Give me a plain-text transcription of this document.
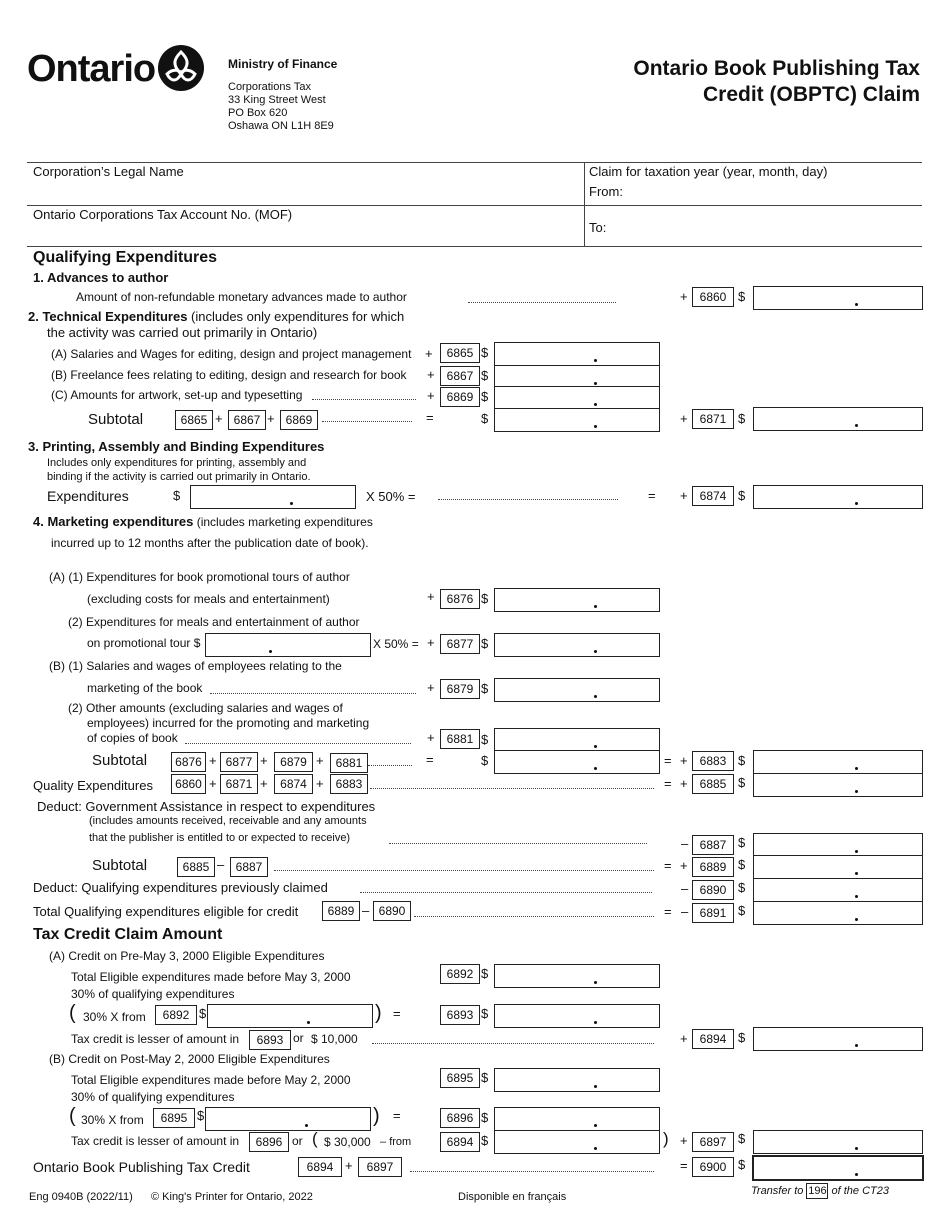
Ontario	Ministry of Finance
Corporations Tax
33 King Street West
PO Box 620
Oshawa ON L1H 8E9
Ontario Book Publishing Tax
Credit (OBPTC) Claim
Corporation’s Legal Name
Ontario Corporations Tax Account No. (MOF)
Claim for taxation year (year, month, day)
From:
To:
Qualifying Expenditures
1. Advances to author
Amount of non-refundable monetary advances made to author	+	6860 $
2. Technical Expenditures (includes only expenditures for which
the activity was carried out primarily in Ontario)
(A) Salaries and Wages for editing, design and project management +	6865 $
(B) Freelance fees relating to editing, design and research for book +	6867 $
(C) Amounts for artwork, set-up and typesetting	+	6869 $
Subtotal	6865 + 6867 + 6869	=	$	+	6871 $
3. Printing, Assembly and Binding Expenditures
Includes only expenditures for printing, assembly and
binding if the activity is carried out primarily in Ontario.
Expenditures	$	X 50% =	= +	6874 $
4. Marketing expenditures (includes marketing expenditures
incurred up to 12 months after the publication date of book).
(A) (1) Expenditures for book promotional tours of author
(excluding costs for meals and entertainment)	+	6876 $
(2) Expenditures for meals and entertainment of author
on promotional tour $	X 50% = +	6877 $
(B) (1) Salaries and wages of employees relating to the
marketing of the book	+	6879 $
(2) Other amounts (excluding salaries and wages of
employees) incurred for the promoting and marketing
of copies of book	+	6881 $
Subtotal	6876 + 6877 +	6879 +	6881	=	$	= +	6883 $
Quality Expenditures	6860 + 6871 +	6874 +	6883	= +	6885 $
Deduct: Government Assistance in respect to expenditures
(includes amounts received, receivable and any amounts
that the publisher is entitled to or expected to receive)	– 6887 $
Subtotal	6885 – 6887	= +	6889 $
Deduct: Qualifying expenditures previously claimed	– 6890 $
Total Qualifying expenditures eligible for credit	6889 – 6890	= – 6891 $
Tax Credit Claim Amount
(A) Credit on Pre-May 3, 2000 Eligible Expenditures
Total Eligible expenditures made before May 3, 2000
30% of qualifying expenditures
6892 $
( 30% X from	6892 $	) =	6893 $
Tax credit is lesser of amount in	6893 or $ 10,000	+	6894 $
(B) Credit on Post-May 2, 2000 Eligible Expenditures
Total Eligible expenditures made before May 2, 2000
30% of qualifying expenditures
6895 $
( 30% X from	6895 $	) =	6896 $
Tax credit is lesser of amount in	6896 or ( $ 30,000 – from	6894 $	) +	6897 $
Ontario Book Publishing Tax Credit	6894 +	6897	=	6900 $
Eng 0940B (2022/11) © King's Printer for Ontario, 2022	Disponible en français
Transfer to 196 of the CT23
